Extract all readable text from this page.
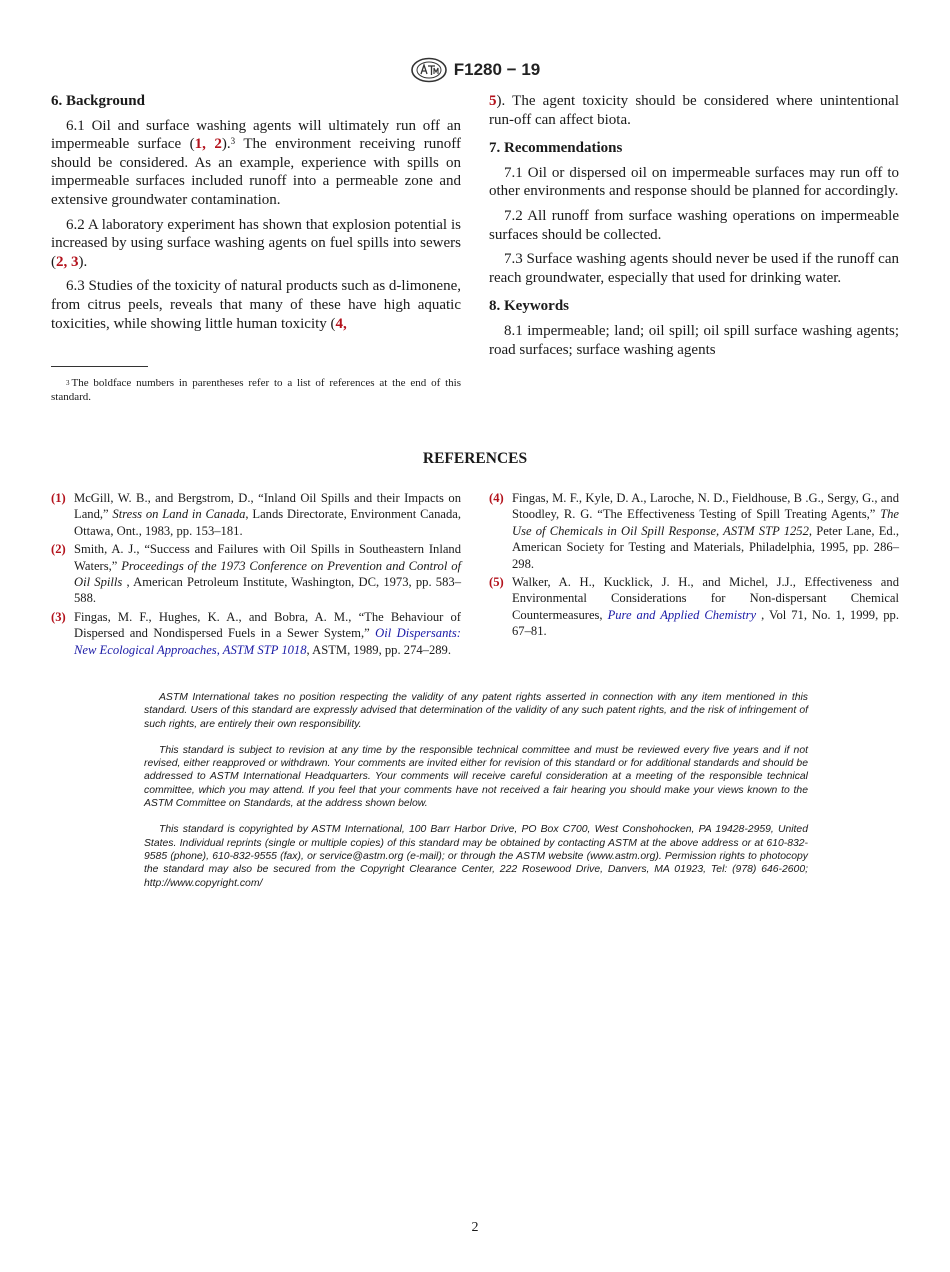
F1280 − 19
6. Background

6.1 Oil and surface washing agents will ultimately run off an impermeable surface (1, 2).$^3$ The environment receiving runoff should be considered. As an example, experience with spills on impermeable surfaces included runoff into a permeable zone and extensive groundwater contamination.

6.2 A laboratory experiment has shown that explosion potential is increased by using surface washing agents on fuel spills into sewers (2, 3).

6.3 Studies of the toxicity of natural products such as d-limonene, from citrus peels, reveals that many of these have high aquatic toxicities, while showing little human toxicity (4,

$^3$ The boldface numbers in parentheses refer to a list of references at the end of this standard.

5). The agent toxicity should be considered where unintentional run-off can affect biota.

7. Recommendations

7.1 Oil or dispersed oil on impermeable surfaces may run off to other environments and response should be planned for accordingly.

7.2 All runoff from surface washing operations on impermeable surfaces should be collected.

7.3 Surface washing agents should never be used if the runoff can reach groundwater, especially that used for drinking water.

8. Keywords

8.1 impermeable; land; oil spill; oil spill surface washing agents; road surfaces; surface washing agents

REFERENCES
(1) McGill, W. B., and Bergstrom, D., “Inland Oil Spills and their Impacts on Land,” Stress on Land in Canada, Lands Directorate, Environment Canada, Ottawa, Ont., 1983, pp. 153–181.
(2) Smith, A. J., “Success and Failures with Oil Spills in Southeastern Inland Waters,” Proceedings of the 1973 Conference on Prevention and Control of Oil Spills , American Petroleum Institute, Washington, DC, 1973, pp. 583–588.
(3) Fingas, M. F., Hughes, K. A., and Bobra, A. M., “The Behaviour of Dispersed and Nondispersed Fuels in a Sewer System,” Oil Dispersants: New Ecological Approaches, ASTM STP 1018, ASTM, 1989, pp. 274–289.
(4) Fingas, M. F., Kyle, D. A., Laroche, N. D., Fieldhouse, B .G., Sergy, G., and Stoodley, R. G. “The Effectiveness Testing of Spill Treating Agents,” The Use of Chemicals in Oil Spill Response, ASTM STP 1252, Peter Lane, Ed., American Society for Testing and Materials, Philadelphia, 1995, pp. 286–298.
(5) Walker, A. H., Kucklick, J. H., and Michel, J.J., Effectiveness and Environmental Considerations for Non-dispersant Chemical Countermeasures, Pure and Applied Chemistry , Vol 71, No. 1, 1999, pp. 67–81.

ASTM International takes no position respecting the validity of any patent rights asserted in connection with any item mentioned in this standard. Users of this standard are expressly advised that determination of the validity of any such patent rights, and the risk of infringement of such rights, are entirely their own responsibility.

This standard is subject to revision at any time by the responsible technical committee and must be reviewed every five years and if not revised, either reapproved or withdrawn. Your comments are invited either for revision of this standard or for additional standards and should be addressed to ASTM International Headquarters. Your comments will receive careful consideration at a meeting of the responsible technical committee, which you may attend. If you feel that your comments have not received a fair hearing you should make your views known to the ASTM Committee on Standards, at the address shown below.

This standard is copyrighted by ASTM International, 100 Barr Harbor Drive, PO Box C700, West Conshohocken, PA 19428-2959, United States. Individual reprints (single or multiple copies) of this standard may be obtained by contacting ASTM at the above address or at 610-832-9585 (phone), 610-832-9555 (fax), or service@astm.org (e-mail); or through the ASTM website (www.astm.org). Permission rights to photocopy the standard may also be secured from the Copyright Clearance Center, 222 Rosewood Drive, Danvers, MA 01923, Tel: (978) 646-2600; http://www.copyright.com/

2
